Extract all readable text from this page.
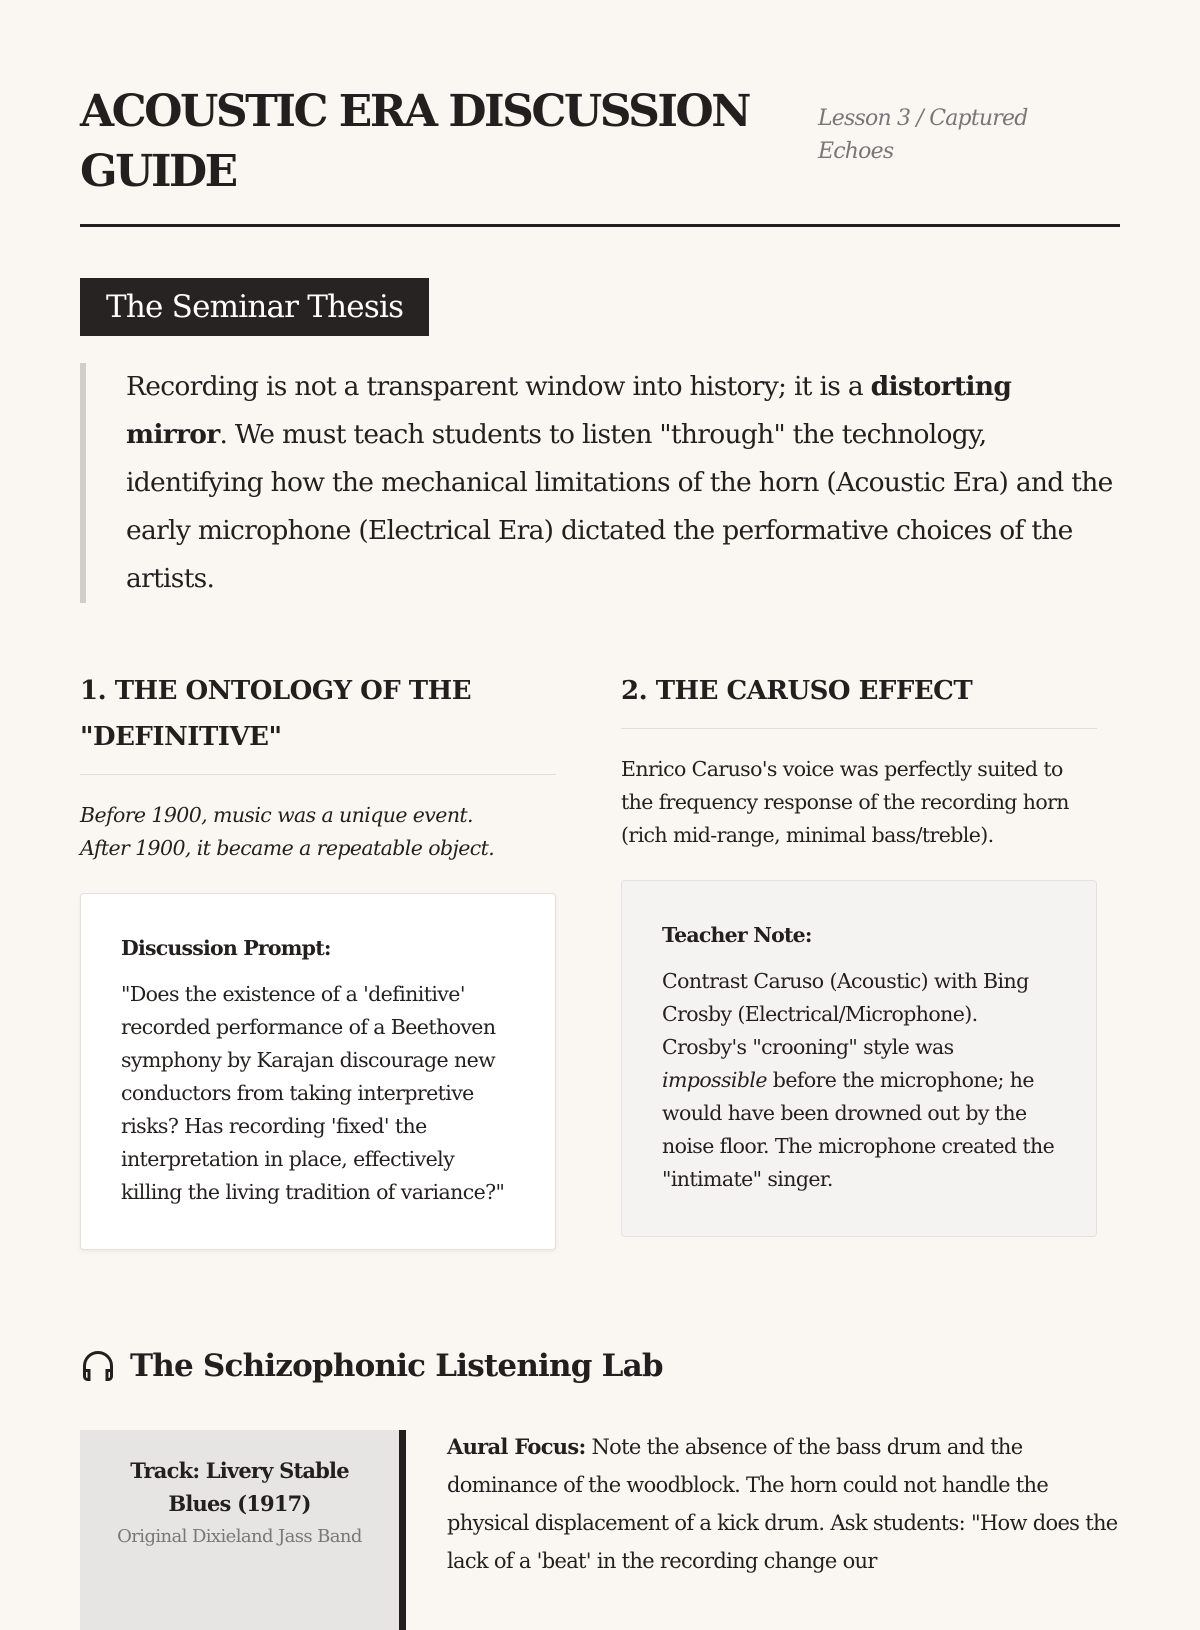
ACOUSTIC ERA DISCUSSION GUIDE
Lesson 3 / Captured Echoes
The Seminar Thesis
Recording is not a transparent window into history; it is a distorting mirror. We must teach students to listen "through" the technology, identifying how the mechanical limitations of the horn (Acoustic Era) and the early microphone (Electrical Era) dictated the performative choices of the artists.
1. THE ONTOLOGY OF THE "DEFINITIVE"

Before 1900, music was a unique event.
After 1900, it became a repeatable object.

Discussion Prompt:

"Does the existence of a 'definitive' recorded performance of a Beethoven symphony by Karajan discourage new conductors from taking interpretive risks? Has recording 'fixed' the interpretation in place, effectively killing the living tradition of variance?"

2. THE CARUSO EFFECT

Enrico Caruso's voice was perfectly suited to the frequency response of the recording horn (rich mid-range, minimal bass/treble).

Teacher Note:

Contrast Caruso (Acoustic) with Bing Crosby (Electrical/Microphone). Crosby's "crooning" style was impossible before the microphone; he would have been drowned out by the noise floor. The microphone created the "intimate" singer.

The Schizophonic Listening Lab
Track: Livery Stable Blues (1917)
Original Dixieland Jass Band

Aural Focus: Note the absence of the bass drum and the dominance of the woodblock. The horn could not handle the physical displacement of a kick drum. Ask students: "How does the lack of a 'beat' in the recording change our
